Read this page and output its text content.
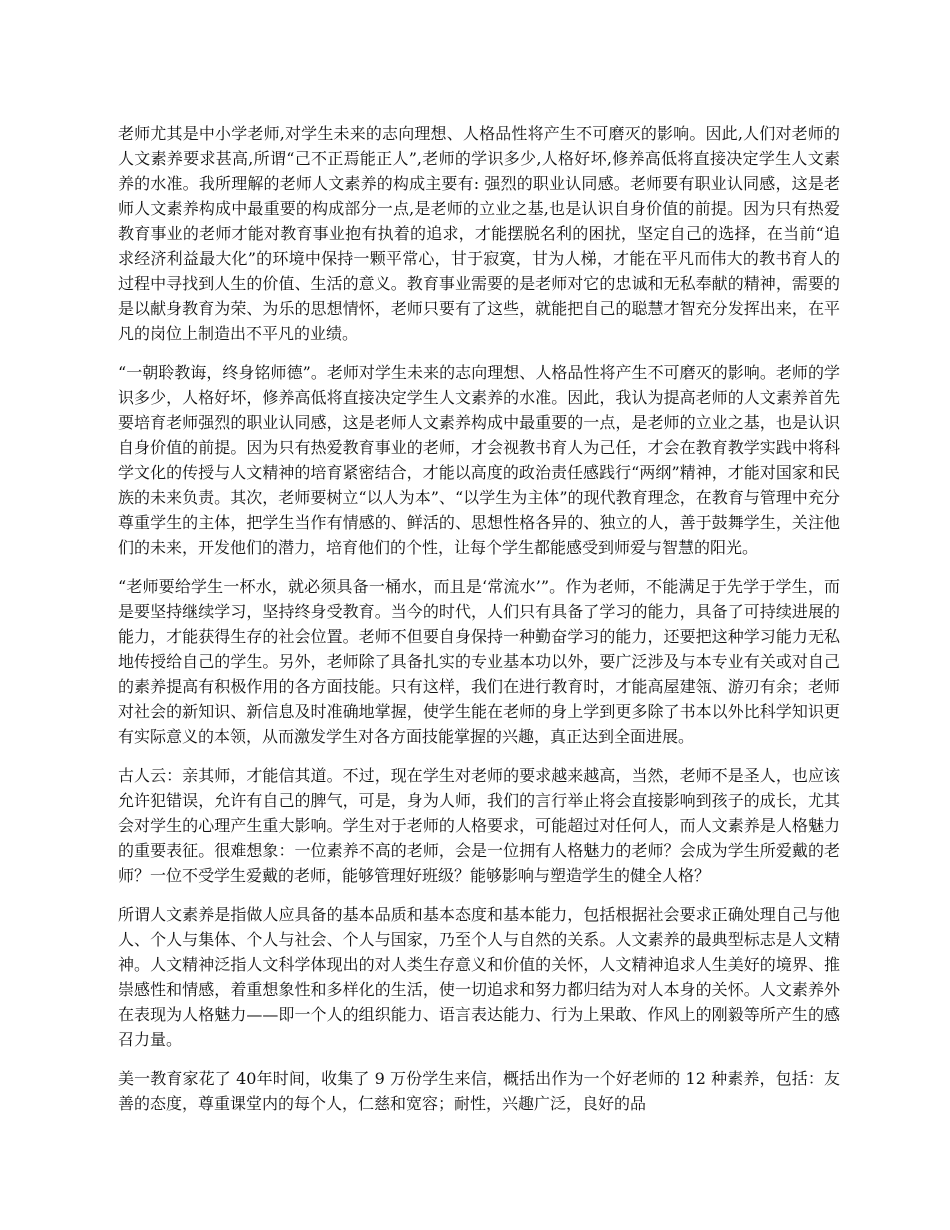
老师尤其是中小学老师,对学生未来的志向理想、人格品性将产生不可磨灭的影响。因此,人们对老师的人文素养要求甚高,所谓“己不正焉能正人”,老师的学识多少,人格好坏,修养高低将直接决定学生人文素养的水准。我所理解的老师人文素养的构成主要有: 强烈的职业认同感。老师要有职业认同感，这是老师人文素养构成中最重要的构成部分一点,是老师的立业之基,也是认识自身价值的前提。因为只有热爱教育事业的老师才能对教育事业抱有执着的追求，才能摆脱名利的困扰，坚定自己的选择，在当前“追求经济利益最大化”的环境中保持一颗平常心，甘于寂寞，甘为人梯，才能在平凡而伟大的教书育人的过程中寻找到人生的价值、生活的意义。教育事业需要的是老师对它的忠诚和无私奉献的精神，需要的是以献身教育为荣、为乐的思想情怀，老师只要有了这些，就能把自己的聪慧才智充分发挥出来，在平凡的岗位上制造出不平凡的业绩。

“一朝聆教诲，终身铭师德”。老师对学生未来的志向理想、人格品性将产生不可磨灭的影响。老师的学识多少，人格好坏，修养高低将直接决定学生人文素养的水准。因此，我认为提高老师的人文素养首先要培育老师强烈的职业认同感，这是老师人文素养构成中最重要的一点，是老师的立业之基，也是认识自身价值的前提。因为只有热爱教育事业的老师，才会视教书育人为己任，才会在教育教学实践中将科学文化的传授与人文精神的培育紧密结合，才能以高度的政治责任感践行“两纲”精神，才能对国家和民族的未来负责。其次，老师要树立“以人为本”、“以学生为主体”的现代教育理念，在教育与管理中充分尊重学生的主体，把学生当作有情感的、鲜活的、思想性格各异的、独立的人，善于鼓舞学生，关注他们的未来，开发他们的潜力，培育他们的个性，让每个学生都能感受到师爱与智慧的阳光。

“老师要给学生一杯水，就必须具备一桶水，而且是‘常流水’”。作为老师，不能满足于先学于学生，而是要坚持继续学习，坚持终身受教育。当今的时代，人们只有具备了学习的能力，具备了可持续进展的能力，才能获得生存的社会位置。老师不但要自身保持一种勤奋学习的能力，还要把这种学习能力无私地传授给自己的学生。另外，老师除了具备扎实的专业基本功以外，要广泛涉及与本专业有关或对自己的素养提高有积极作用的各方面技能。只有这样，我们在进行教育时，才能高屋建瓴、游刃有余；老师对社会的新知识、新信息及时准确地掌握，使学生能在老师的身上学到更多除了书本以外比科学知识更有实际意义的本领，从而激发学生对各方面技能掌握的兴趣，真正达到全面进展。

古人云：亲其师，才能信其道。不过，现在学生对老师的要求越来越高，当然，老师不是圣人，也应该允许犯错误，允许有自己的脾气，可是，身为人师，我们的言行举止将会直接影响到孩子的成长，尤其会对学生的心理产生重大影响。学生对于老师的人格要求，可能超过对任何人，而人文素养是人格魅力的重要表征。很难想象：一位素养不高的老师，会是一位拥有人格魅力的老师？会成为学生所爱戴的老师？一位不受学生爱戴的老师，能够管理好班级？能够影响与塑造学生的健全人格？

所谓人文素养是指做人应具备的基本品质和基本态度和基本能力，包括根据社会要求正确处理自己与他人、个人与集体、个人与社会、个人与国家，乃至个人与自然的关系。人文素养的最典型标志是人文精神。人文精神泛指人文科学体现出的对人类生存意义和价值的关怀，人文精神追求人生美好的境界、推崇感性和情感，着重想象性和多样化的生活，使一切追求和努力都归结为对人本身的关怀。人文素养外在表现为人格魅力——即一个人的组织能力、语言表达能力、行为上果敢、作风上的刚毅等所产生的感召力量。

美一教育家花了 40年时间，收集了 9 万份学生来信，概括出作为一个好老师的 12 种素养，包括：友善的态度，尊重课堂内的每个人，仁慈和宽容；耐性，兴趣广泛，良好的品
